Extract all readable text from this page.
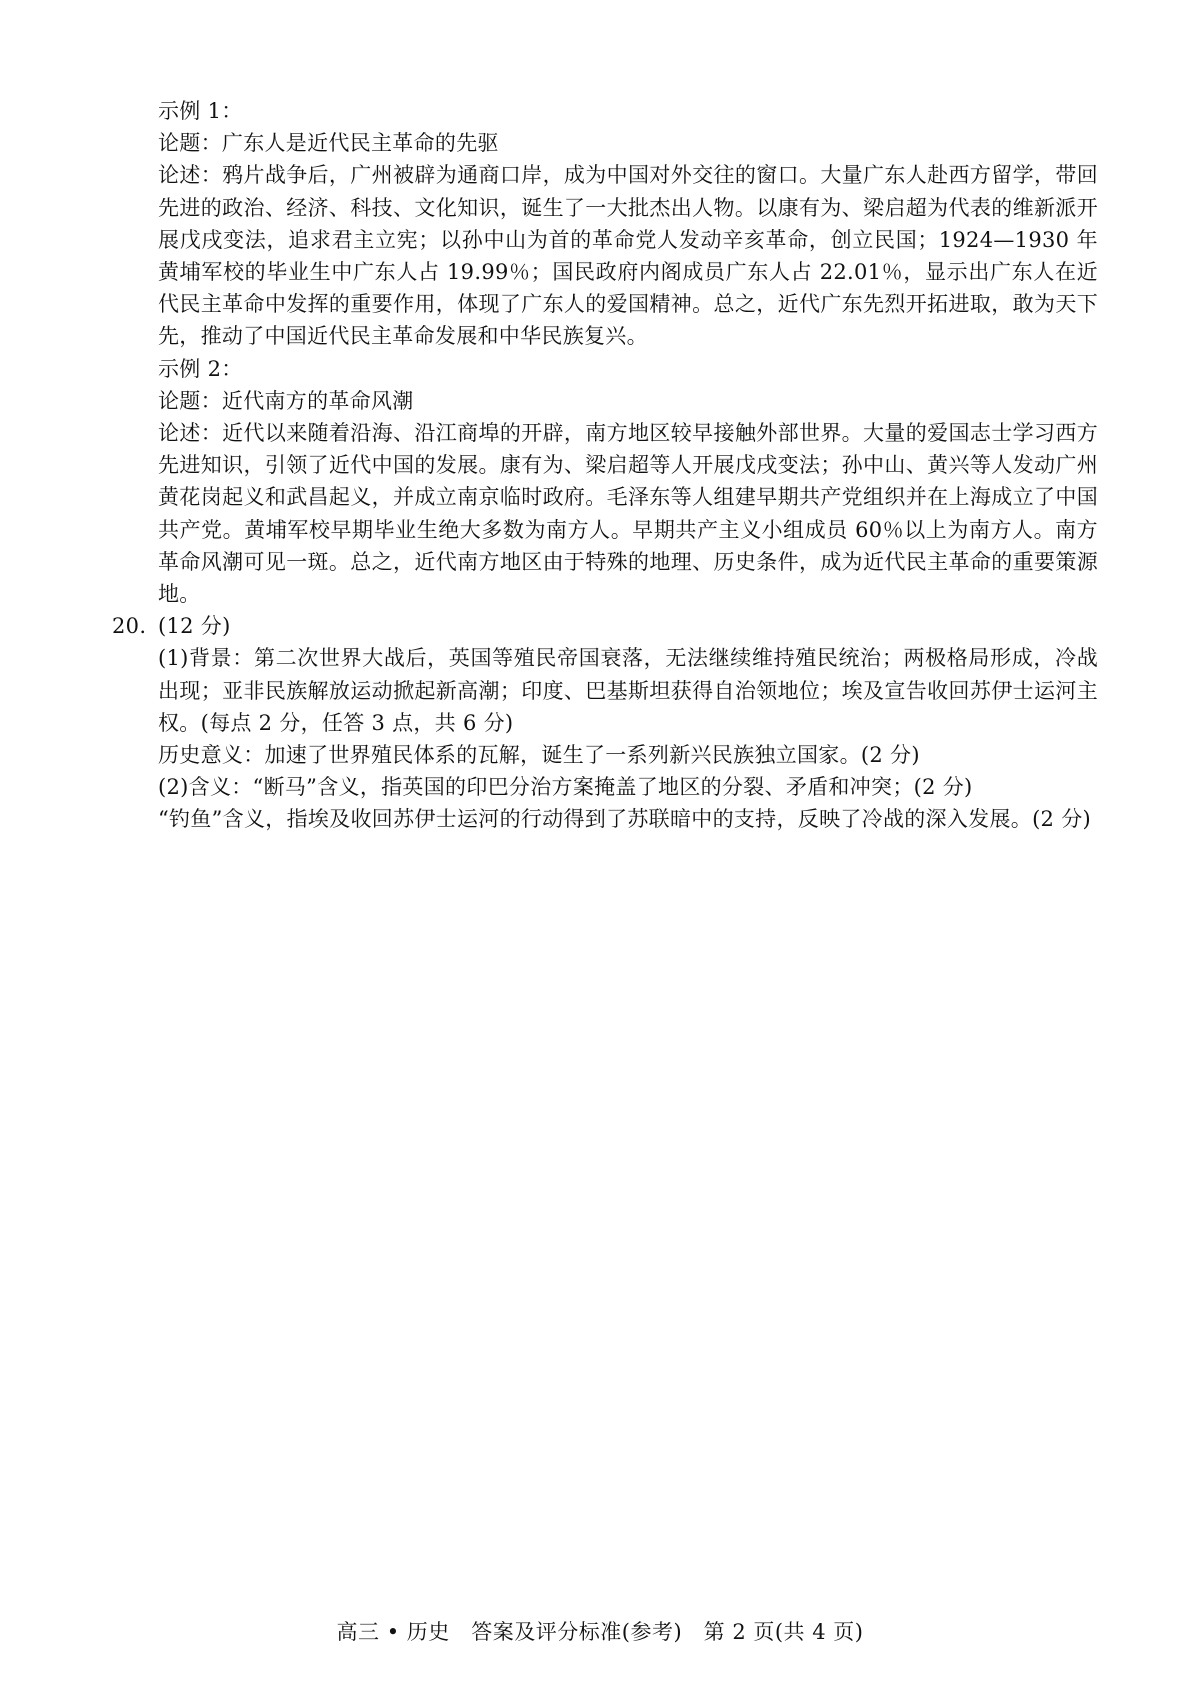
示例 1：

论题：广东人是近代民主革命的先驱

论述：鸦片战争后，广州被辟为通商口岸，成为中国对外交往的窗口。大量广东人赴西方留学，带回先进的政治、经济、科技、文化知识，诞生了一大批杰出人物。以康有为、梁启超为代表的维新派开展戊戌变法，追求君主立宪；以孙中山为首的革命党人发动辛亥革命，创立民国；1924—1930 年黄埔军校的毕业生中广东人占 19.99％；国民政府内阁成员广东人占 22.01％，显示出广东人在近代民主革命中发挥的重要作用，体现了广东人的爱国精神。总之，近代广东先烈开拓进取，敢为天下先，推动了中国近代民主革命发展和中华民族复兴。

示例 2：

论题：近代南方的革命风潮

论述：近代以来随着沿海、沿江商埠的开辟，南方地区较早接触外部世界。大量的爱国志士学习西方先进知识，引领了近代中国的发展。康有为、梁启超等人开展戊戌变法；孙中山、黄兴等人发动广州黄花岗起义和武昌起义，并成立南京临时政府。毛泽东等人组建早期共产党组织并在上海成立了中国共产党。黄埔军校早期毕业生绝大多数为南方人。早期共产主义小组成员 60％以上为南方人。南方革命风潮可见一斑。总之，近代南方地区由于特殊的地理、历史条件，成为近代民主革命的重要策源地。

20. (12 分)

(1)背景：第二次世界大战后，英国等殖民帝国衰落，无法继续维持殖民统治；两极格局形成，冷战出现；亚非民族解放运动掀起新高潮；印度、巴基斯坦获得自治领地位；埃及宣告收回苏伊士运河主权。(每点 2 分，任答 3 点，共 6 分)

历史意义：加速了世界殖民体系的瓦解，诞生了一系列新兴民族独立国家。(2 分)

(2)含义：“断马”含义，指英国的印巴分治方案掩盖了地区的分裂、矛盾和冲突；(2 分)

“钓鱼”含义，指埃及收回苏伊士运河的行动得到了苏联暗中的支持，反映了冷战的深入发展。(2 分)

高三 • 历史　答案及评分标准(参考)　第 2 页(共 4 页)
